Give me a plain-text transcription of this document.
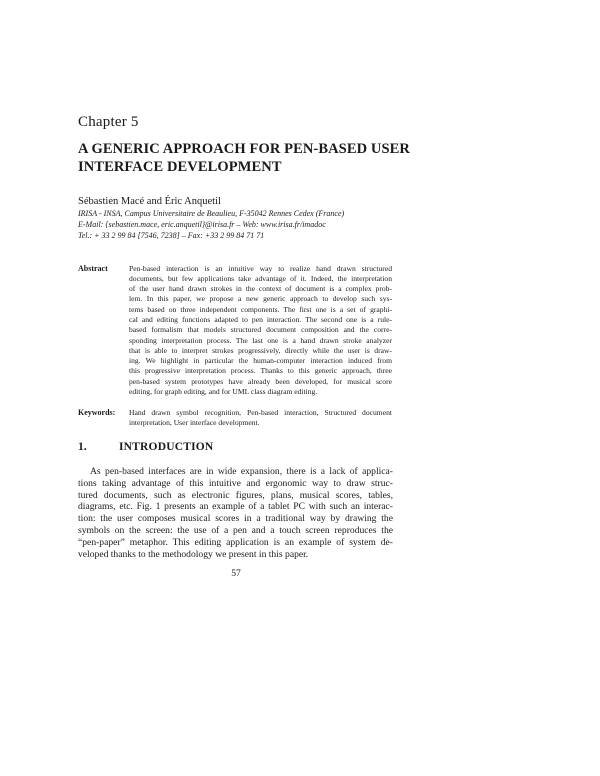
Chapter 5
A GENERIC APPROACH FOR PEN-BASED USER
INTERFACE DEVELOPMENT
Sébastien Macé and Éric Anquetil
IRISA - INSA, Campus Universitaire de Beaulieu, F-35042 Rennes Cedex (France)
E-Mail: {sebastien.mace, eric.anquetil}@irisa.fr – Web: www.irisa.fr/imadoc
Tel.: + 33 2 99 84 [7546, 7238] – Fax: +33 2 99 84 71 71
Abstract	Pen-based interaction is an intuitive way to realize hand drawn structured
documents, but few applications take advantage of it. Indeed, the interpretation
of the user hand drawn strokes in the context of document is a complex prob-
lem. In this paper, we propose a new generic approach to develop such sys-
tems based on three independent components. The first one is a set of graphi-
cal and editing functions adapted to pen interaction. The second one is a rule-
based formalism that models structured document composition and the corre-
sponding interpretation process. The last one is a hand drawn stroke analyzer
that is able to interpret strokes progressively, directly while the user is draw-
ing. We highlight in particular the human-computer interaction induced from
this progressive interpretation process. Thanks to this generic approach, three
pen-based system prototypes have already been developed, for musical score
editing, for graph editing, and for UML class diagram editing.
Keywords: Hand drawn symbol recognition, Pen-based interaction, Structured document
interpretation, User interface development.
1.	INTRODUCTION
As pen-based interfaces are in wide expansion, there is a lack of applica-
tions taking advantage of this intuitive and ergonomic way to draw struc-
tured documents, such as electronic figures, plans, musical scores, tables,
diagrams, etc. Fig. 1 presents an example of a tablet PC with such an interac-
tion: the user composes musical scores in a traditional way by drawing the
symbols on the screen: the use of a pen and a touch screen reproduces the
“pen-paper” metaphor. This editing application is an example of system de-
veloped thanks to the methodology we present in this paper.
57
